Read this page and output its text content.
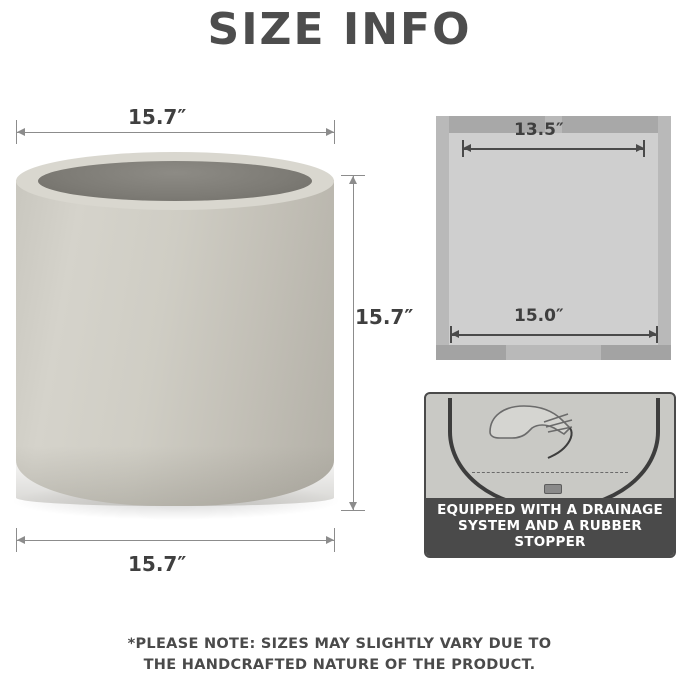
SIZE INFO
15.7″
15.7″
15.7″
13.5″
15.0″
EQUIPPED WITH A DRAINAGE
SYSTEM AND A RUBBER STOPPER
*PLEASE NOTE: SIZES MAY SLIGHTLY VARY DUE TO
THE HANDCRAFTED NATURE OF THE PRODUCT.
